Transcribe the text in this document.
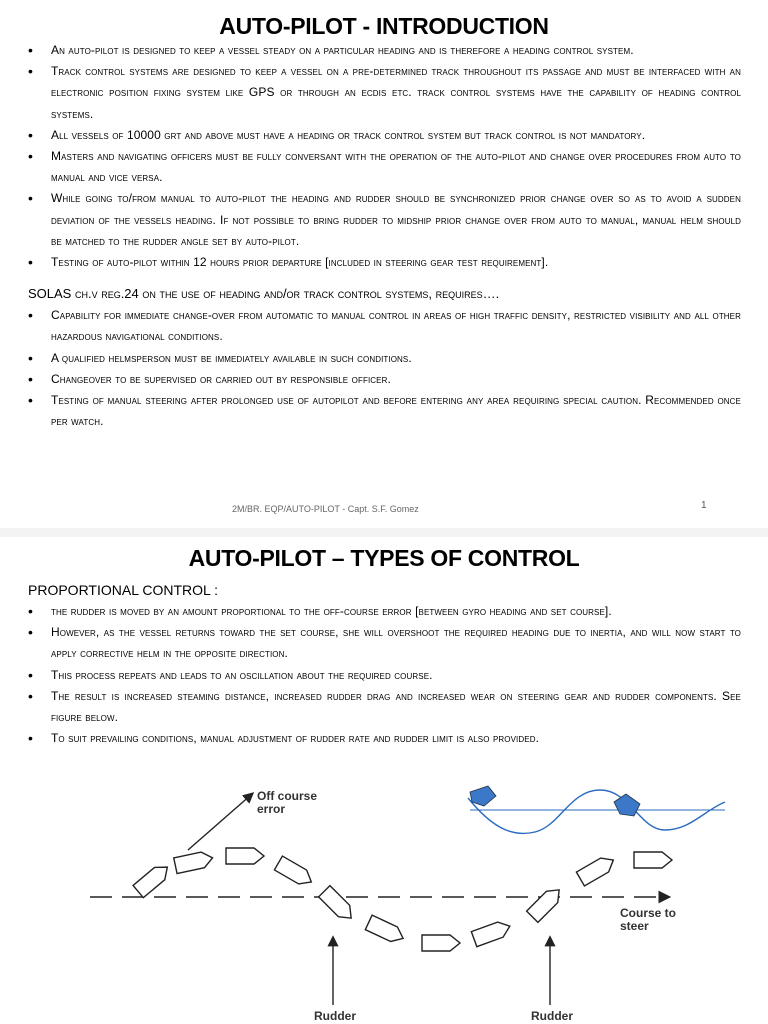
AUTO-PILOT - INTRODUCTION
• An auto-pilot is designed to keep a vessel steady on a particular heading and is therefore a heading control system.
• Track control systems are designed to keep a vessel on a pre-determined track throughout its passage and must be interfaced with an electronic position fixing system like GPS or through an ecdis etc. track control systems have the capability of heading control systems.
• All vessels of 10000 grt and above must have a heading or track control system but track control is not mandatory.
• Masters and navigating officers must be fully conversant with the operation of the auto-pilot and change over procedures from auto to manual and vice versa.
• While going to/from manual to auto-pilot the heading and rudder should be synchronized prior change over so as to avoid a sudden deviation of the vessels heading. If not possible to bring rudder to midship prior change over from auto to manual, manual helm should be matched to the rudder angle set by auto-pilot.
• Testing of auto-pilot within 12 hours prior departure [included in steering gear test requirement].
SOLAS ch.v reg.24 on the use of heading and/or track control systems, requires….
• Capability for immediate change-over from automatic to manual control in areas of high traffic density, restricted visibility and all other hazardous navigational conditions.
• A qualified helmsperson must be immediately available in such conditions.
• Changeover to be supervised or carried out by responsible officer.
• Testing of manual steering after prolonged use of autopilot and before entering any area requiring special caution. Recommended once per watch.
2M/BR. EQP/AUTO-PILOT - Capt. S.F. Gomez	1
AUTO-PILOT – TYPES OF CONTROL
PROPORTIONAL CONTROL :
• the rudder is moved by an amount proportional to the off-course error [between gyro heading and set course].
• However, as the vessel returns toward the set course, she will overshoot the required heading due to inertia, and will now start to apply corrective helm in the opposite direction.
• This process repeats and leads to an oscillation about the required course.
• The result is increased steaming distance, increased rudder drag and increased wear on steering gear and rudder components. See figure below.
• To suit prevailing conditions, manual adjustment of rudder rate and rudder limit is also provided.
Off course
error
Course to
steer
Rudder	Rudder
